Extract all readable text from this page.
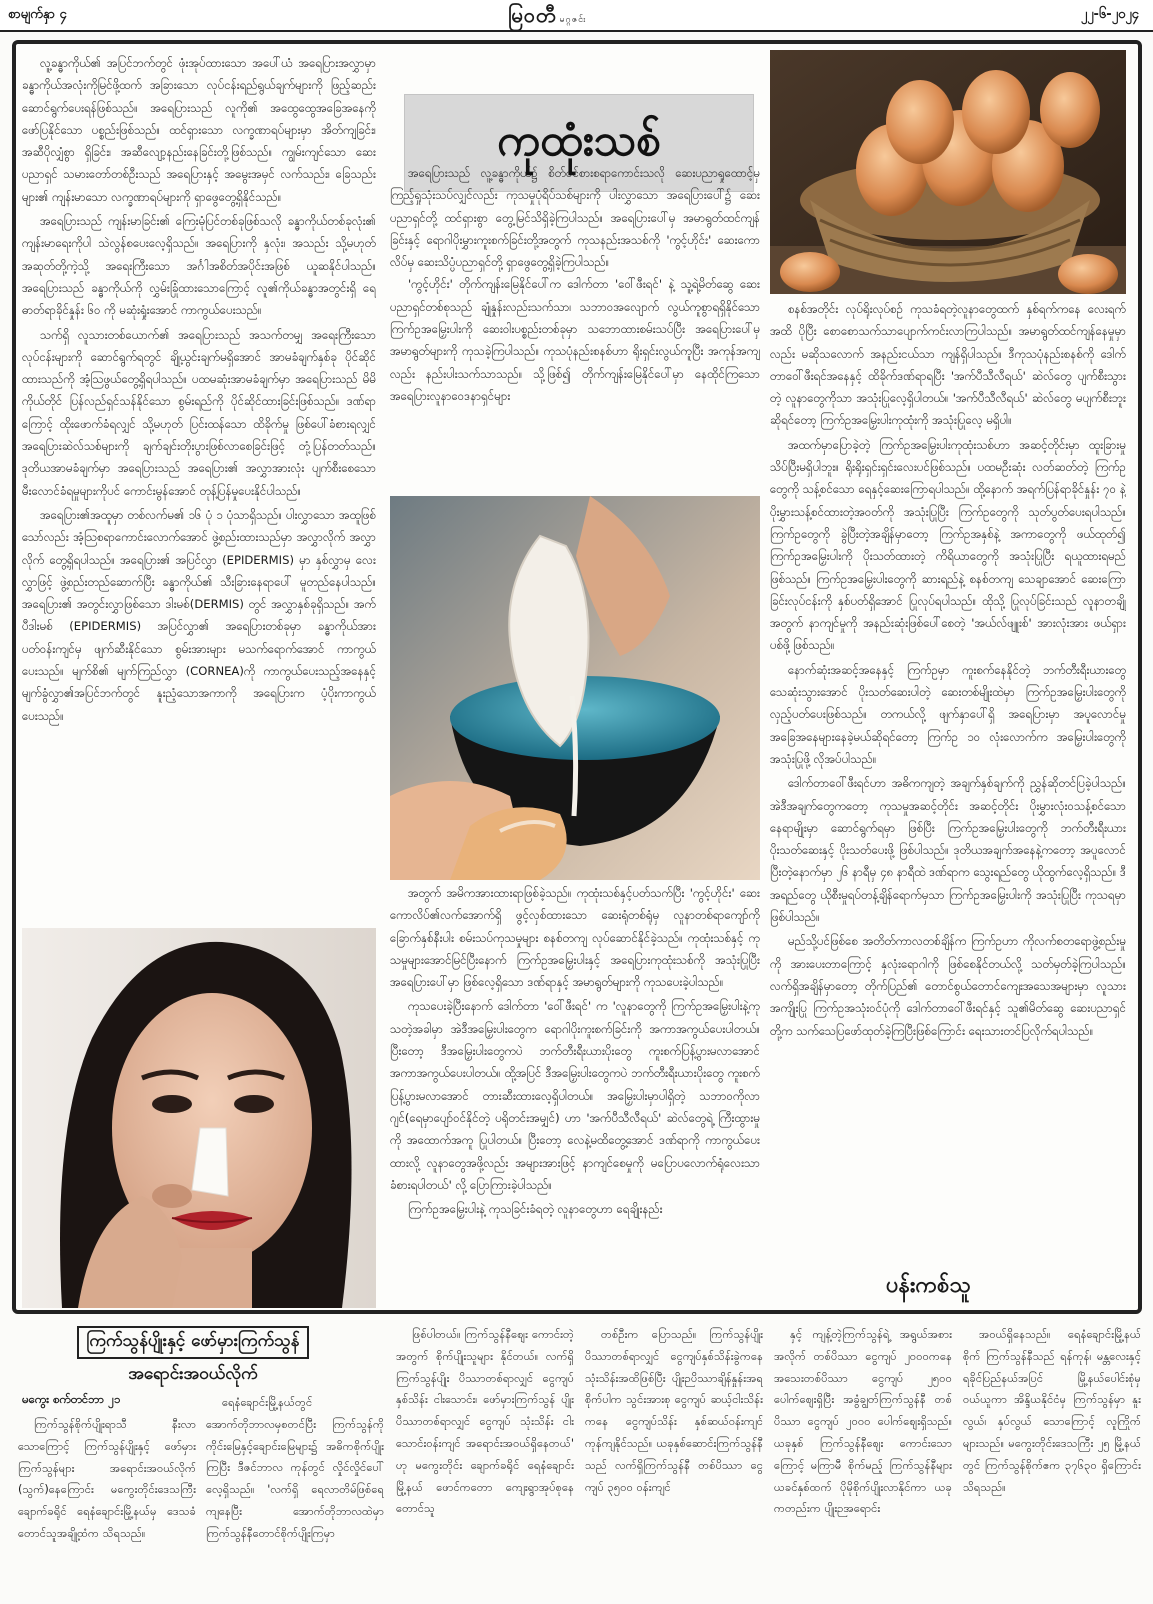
စာမျက်နှာ ၄	မြဝတီ မဂ္ဂဇင်း	၂၂-၆-၂၀၂၄

လူ့ခန္ဓာကိုယ်၏ အပြင်ဘက်တွင် ဖုံးအုပ်ထားသော အပေါ်ယံ အရေပြားအလွှာမှာ ခန္ဓာကိုယ်အလုံးကိုမြင်ဖို့ထက် အခြားသော လုပ်ငန်းရည်ရွယ်ချက်များကို ဖြည့်ဆည်းဆောင်ရွက်ပေးရန်ဖြစ်သည်။ အရေပြားသည် လူကို၏ အထွေထွေအခြေအနေကို ဖော်ပြနိုင်သော ပစ္စည်းဖြစ်သည်။ ထင်ရှားသော လက္ခဏာရပ်များမှာ အိတ်ကျခြင်း၊ အဆီပိုလျှံစွာ ရှိခြင်း၊ အဆီလျော့နည်းနေခြင်းတို့ဖြစ်သည်။ ကျွမ်းကျင်သော ဆေးပညာရှင် သမားတော်တစ်ဦးသည် အရေပြားနှင့် အမွေးအမှင် လက်သည်း၊ ခြေသည်းများ၏ ကျန်းမာသော လက္ခဏာရပ်များကို ရှာဖွေတွေ့ရှိနိုင်သည်။

အရေပြားသည် ကျန်းမာခြင်း၏ ကြေးမုံပြင်တစ်ခုဖြစ်သလို ခန္ဓာကိုယ်တစ်ခုလုံး၏ ကျန်းမာရေးကိုပါ သဲလွန်စပေးလေ့ရှိသည်။ အရေပြားကို နှလုံး၊ အသည်း သို့မဟုတ် အဆုတ်တို့ကဲ့သို့ အရေးကြီးသော အင်္ဂါအစိတ်အပိုင်းအဖြစ် ယူဆနိုင်ပါသည်။ အရေပြားသည် ခန္ဓာကိုယ်ကို လွှမ်းခြုံထားသောကြောင့် လူ၏ကိုယ်ခန္ဓာအတွင်းရှိ ရေဓာတ်ရာခိုင်နှုန်း ၆၀ ကို မဆုံးရှုံးအောင် ကာကွယ်ပေးသည်။

သက်ရှိ လူသားတစ်ယောက်၏ အရေပြားသည် အသက်တမျှ အရေးကြီးသောလုပ်ငန်းများကို ဆောင်ရွက်ရတွင် ချို့ယွင်းချက်မရှိအောင် အာမခံချက်နှစ်ခု ပိုင်ဆိုင်ထားသည်ကို အံ့သြဖွယ်တွေ့ရှိရပါသည်။ ပထမဆုံးအာမခံချက်မှာ အရေပြားသည် မိမိကိုယ်တိုင် ပြန်လည်ရှင်သန်နိုင်သော စွမ်းရည်ကို ပိုင်ဆိုင်ထားခြင်းဖြစ်သည်။ ဒဏ်ရာကြောင့် ထိုးဖောက်ခံရလျှင် သို့မဟုတ် ပြင်းထန်သော ထိခိုက်မှု ဖြစ်ပေါ်ခံစားရလျှင် အရေပြားဆဲလ်သစ်များကို ချက်ချင်းတိုးပွားဖြစ်လာစေခြင်းဖြင့် တုံ့ပြန်တတ်သည်။ ဒုတိယအာမခံချက်မှာ အရေပြားသည် အရေပြား၏ အလွှာအားလုံး ပျက်စီးစေသော မီးလောင်ခံရမှုများကိုပင် ကောင်းမွန်အောင် တုန့်ပြန်မှုပေးနိုင်ပါသည်။

အရေပြား၏အထူမှာ တစ်လက်မ၏ ၁၆ ပုံ ၁ ပုံသာရှိသည်။ ပါးလွှာသော အထူဖြစ်သော်လည်း အံ့သြစရာကောင်းလောက်အောင် ဖွဲ့စည်းထားသည်မှာ အလွှာလိုက် အလွှာလိုက် တွေ့ရှိရပါသည်။ အရေပြား၏ အပြင်လွှာ (EPIDERMIS) မှာ နှစ်လွှာမှ လေးလွှာဖြင့် ဖွဲ့စည်းတည်ဆောက်ပြီး ခန္ဓာကိုယ်၏ သီးခြားနေရာပေါ် မူတည်နေပါသည်။ အရေပြား၏ အတွင်းလွှာဖြစ်သော ဒါးမစ်(DERMIS) တွင် အလွှာနှစ်ခုရှိသည်။ အက်ပီဒါးမစ် (EPIDERMIS) အပြင်လွှာ၏ အရေပြားတစ်ခုမှာ ခန္ဓာကိုယ်အား ပတ်ဝန်းကျင်မှ ဖျက်ဆီးနိုင်သော စွမ်းအားများ မသက်ရောက်အောင် ကာကွယ်ပေးသည်။ မျက်စိ၏ မျက်ကြည်လွှာ (CORNEA)ကို ကာကွယ်ပေးသည့်အနေနှင့် မျက်ခွံလွှာ၏အပြင်ဘက်တွင် နူးညံ့သောအကာကို အရေပြားက ပံ့ပိုးကာကွယ်ပေးသည်။

ကုထုံးသစ်

အရေပြားသည် လူ့ခန္ဓာကိုယ်၌ စိတ်ဝင်စားစရာကောင်းသလို ဆေးပညာရှုထောင့်မှ ကြည့်ရှုသုံးသပ်လျှင်လည်း ကုသမှုပုံရိပ်သစ်များကို ပါးလွှာသော အရေပြားပေါ်၌ ဆေးပညာရှင်တို့ ထင်ရှားစွာ တွေ့မြင်သိရှိခဲ့ကြပါသည်။ အရေပြားပေါ်မှ အမာရွတ်ထင်ကျန်ခြင်းနှင့် ရောဂါပိုးမွှားကူးစက်ခြင်းတို့အတွက် ကုသနည်းအသစ်ကို 'ကွင့်ဟိုင်း' ဆေးကောလိပ်မှ ဆေးသိပ္ပံပညာရှင်တို့ ရှာဖွေတွေ့ရှိခဲ့ကြပါသည်။

'ကွင့်ဟိုင်း' တိုက်ကျန်းမြေနိုင်ပေါ်က ဒေါက်တာ 'ဝေါ်ဖီးရင်' နဲ့ သူ့ရဲ့မိတ်ဆွေ ဆေးပညာရှင်တစ်စုသည် ချုံနှုန်းလည်းသက်သာ၊ သဘာဝအလျောက် လွယ်ကူစွာရရှိနိုင်သော ကြက်ဥအမြှေးပါးကို ဆေးဝါးပစ္စည်းတစ်ခုမှာ သဘောထားစမ်းသပ်ပြီး အရေပြားပေါ်မှ အမာရွတ်များကို ကုသခဲ့ကြပါသည်။ ကုသပုံနည်းစနစ်ဟာ ရိုးရှင်းလွယ်ကူပြီး အကုန်အကျလည်း နည်းပါးသက်သာသည်။ သို့ဖြစ်၍ တိုက်ကျန်းမြေနိုင်ပေါ်မှာ နေထိုင်ကြသော အရေပြားလူနာဝေဒနာရှင်များ

အတွက် အမိကအားထားရာဖြစ်ခဲ့သည်။ ကုထုံးသစ်နှင့်ပတ်သက်ပြီး 'ကွင့်ဟိုင်း' ဆေးကောလိပ်၏လက်အောက်ရှိ ဖွင့်လှစ်ထားသော ဆေးရုံတစ်ရုံမှ လူနာတစ်ရာကျော်ကို ခြောက်နှစ်နီးပါး စမ်းသပ်ကုသမှုများ စနစ်တကျ လုပ်ဆောင်နိုင်ခဲ့သည်။ ကုထုံးသစ်နှင့် ကုသမှုများအောင်မြင်ပြီးနောက် ကြက်ဥအမြှေးပါးနှင့် အရေပြားကုထုံးသစ်ကို အသုံးပြုပြီး အရေပြားပေါ်မှာ ဖြစ်လေ့ရှိသော ဒဏ်ရာနှင့် အမာရွတ်များကို ကုသပေးခဲ့ပါသည်။

ကုသပေးခဲ့ပြီးနောက် ဒေါက်တာ 'ဝေါ်ဖီးရင်' က 'လူနာတွေကို ကြက်ဥအမြှေးပါးနဲ့ကုသတဲ့အခါမှာ အဲဒီအမြှေးပါးတွေက ရောဂါပိုးကူးစက်ခြင်းကို အကာအကွယ်ပေးပါတယ်။ ပြီးတော့ ဒီအမြှေးပါးတွေကပဲ ဘက်တီးရီးယားပိုးတွေ ကူးစက်ပြန့်ပွားမလာအောင် အကာအကွယ်ပေးပါတယ်။ ထို့အပြင် ဒီအမြှေးပါးတွေကပဲ ဘက်တီးရီးယားပိုးတွေ ကူးစက်ပြန့်ပွားမလာအောင် တားဆီးထားလေ့ရှိပါတယ်။ အမြှေးပါးမှာပါရှိတဲ့ သဘာဝကိုလာဂျင်(ရေမှာပျော်ဝင်နိုင်တဲ့ ပရိုတင်းအမျှင်) ဟာ 'အက်ပီသီလီရယ်' ဆဲလ်တွေရဲ့ ကြီးထွားမှုကို အထောက်အကူ ပြုပါတယ်။ ပြီးတော့ လေနဲ့မထိတွေ့အောင် ဒဏ်ရာကို ကာကွယ်ပေးထားလို့ လူနာတွေအဖို့လည်း အများအားဖြင့် နာကျင်စေမှုကို မပြောပလောက်ရုံလေးသာ ခံစားရပါတယ်' လို့ ပြောကြားခဲ့ပါသည်။

ကြက်ဥအမြှေးပါးနဲ့ ကုသခြင်းခံရတဲ့ လူနာတွေဟာ ရေချိုးနည်း

စနစ်အတိုင်း လုပ်ရိုးလုပ်စဉ် ကုသခံရတဲ့လူနာတွေထက် နှစ်ရက်ကနေ လေးရက်အထိ ပိုပြီး စောစောသက်သာပျောက်ကင်းလာကြပါသည်။ အမာရွတ်ထင်ကျန်နေမှုမှာလည်း မဆိုသလောက် အနည်းငယ်သာ ကျန်ရှိပါသည်။ ဒီကုသပုံနည်းစနစ်ကို ဒေါက်တာဝေါ်ဖီးရင်အနေနှင့် ထိခိုက်ဒဏ်ရာရပြီး 'အက်ပီသီလီရယ်' ဆဲလ်တွေ ပျက်စီးသွားတဲ့ လူနာတွေကိုသာ အသုံးပြုလေ့ရှိပါတယ်။ 'အက်ပီသီလီရယ်' ဆဲလ်တွေ မပျက်စီးဘူးဆိုရင်တော့ ကြက်ဥအမြှေးပါးကုထုံးကို အသုံးပြုလေ့ မရှိပါ။

အထက်မှာပြောခဲ့တဲ့ ကြက်ဥအမြှေးပါးကုထုံးသစ်ဟာ အဆင့်တိုင်းမှာ ထူးခြားမှု သိပ်ပြီးမရှိပါဘူး။ ရိုးရိုးရှင်းရှင်းလေးပင်ဖြစ်သည်။ ပထမဦးဆုံး လတ်ဆတ်တဲ့ ကြက်ဥတွေကို သန့်စင်သော ရေနှင့်ဆေးကြောရပါသည်။ ထို့နောက် အရက်ပြန်ရာခိုင်နှုန်း ၇၀ နဲ့ ပိုးမွှားသန့်စင်ထားတဲ့အဝတ်ကို အသုံးပြုပြီး ကြက်ဥတွေကို သုတ်ပွတ်ပေးရပါသည်။ ကြက်ဥတွေကို ခွဲပြီးတဲ့အချိန်မှာတော့ ကြက်ဥအနှစ်နဲ့ အကာတွေကို ဖယ်ထုတ်၍ ကြက်ဥအမြှေးပါးကို ပိုးသတ်ထားတဲ့ ကိရိယာတွေကို အသုံးပြုပြီး ရယူထားရမည်ဖြစ်သည်။ ကြက်ဥအမြှေးပါးတွေကို ဆားရည်နဲ့ စနစ်တကျ သေချာအောင် ဆေးကြောခြင်းလုပ်ငန်းကို နှစ်ပတ်ရှိအောင် ပြုလုပ်ရပါသည်။ ထိုသို့ ပြုလုပ်ခြင်းသည် လူနာတချို့အတွက် နာကျင်မှုကို အနည်းဆုံးဖြစ်ပေါ်စေတဲ့ 'အယ်လ်ဖျူးစ်' အားလုံးအား ဖယ်ရှားပစ်ဖို့ ဖြစ်သည်။

နောက်ဆုံးအဆင့်အနေနှင့် ကြက်ဥမှာ ကူးစက်နေနိုင်တဲ့ ဘက်တီးရီးယားတွေ သေဆုံးသွားအောင် ပိုးသတ်ဆေးပါတဲ့ ဆေးတစ်မျိုးထဲမှာ ကြက်ဥအမြှေးပါးတွေကို လှည့်ပတ်ပေးဖြစ်သည်။ တကယ်လို့ ဖျက်နှာပေါ်ရှိ အရေပြားမှာ အပူလောင်မှုအခြေအနေများနေခဲ့မယ်ဆိုရင်တော့ ကြက်ဥ ၁၀ လုံးလောက်က အမြှေးပါးတွေကို အသုံးပြုဖို့ လိုအပ်ပါသည်။

ဒေါက်တာဝေါ်ဖီးရင်ဟာ အဓိကကျတဲ့ အချက်နှစ်ချက်ကို ညွှန်ဆိုတင်ပြခဲ့ပါသည်။ အဲဒီအချက်တွေကတော့ ကုသမှုအဆင့်တိုင်း အဆင့်တိုင်း ပိုးမွှားလုံးဝသန့်စင်သောနေရာမျိုးမှာ ဆောင်ရွက်ရမှာ ဖြစ်ပြီး ကြက်ဥအမြှေးပါးတွေကို ဘက်တီးရီးယားပိုးသတ်ဆေးနှင့် ပိုးသတ်ပေးဖို့ ဖြစ်ပါသည်။ ဒုတိယအချက်အနေနဲ့ကတော့ အပူလောင်ပြီးတဲ့နောက်မှာ ၂၆ နာရီမှ ၄၈ နာရီထဲ ဒဏ်ရာက သွေးရည်တွေ ယိုထွက်လေ့ရှိသည်။ ဒီအရည်တွေ ယိုစီးမှုရပ်တန့်ချိန်ရောက်မှသာ ကြက်ဥအမြှေးပါးကို အသုံးပြုပြီး ကုသရမှာဖြစ်ပါသည်။

မည်သို့ပင်ဖြစ်စေ အတိတ်ကာလတစ်ချိန်က ကြက်ဥဟာ ကိုလက်စတရောဖွဲ့စည်းမှုကို အားပေးတာကြောင့် နှလုံးရောဂါကို ဖြစ်စေနိုင်တယ်လို့ သတ်မှတ်ခဲ့ကြပါသည်။ လက်ရှိအချိန်မှာတော့ တိုက်ပြည်၏ တောင်စွယ်တောင်ကျေးအသေအများမှာ လူသားအကျိုးပြု ကြက်ဥအသုံးဝင်ပုံကို ဒေါက်တာဝေါ်ဖီးရင်နှင့် သူ၏မိတ်ဆွေ ဆေးပညာရှင်တို့က သက်သေပြဖော်ထုတ်ခဲ့ကြပြီးဖြစ်ကြောင်း ရေးသားတင်ပြလိုက်ရပါသည်။

ပန်းကစ်သူ
ကြက်သွန်ပျိုးနှင့် ဖော်မှားကြက်သွန်
အရောင်းအဝယ်လိုက်
မကွေး စက်တင်ဘာ ၂၁

ကြက်သွန်စိုက်ပျိုးရာသီ နီးလာသောကြောင့် ကြက်သွန်ပျိုးနှင့် ဖော်မှားကြက်သွန်များ အရောင်းအဝယ်လိုက် (သွက်)နေကြောင်း မကွေးတိုင်းဒေသကြီး ချောက်ခရိုင် ရေနံချောင်းမြို့နယ်မှ ဒေသခံ တောင်သူအချို့ထံက သိရသည်။

ရေနံချောင်းမြို့နယ်တွင် အောက်တိုဘာလမှစတင်ပြီး ကြက်သွန်ကို ကိုင်းမြေနှင့်ချောင်းမြေများ၌ အဓိကစိုက်ပျိုးကြပြီး ဒီဇင်ဘာလ ကုန်တွင် လှိုင်လှိုင်ပေါ်လေ့ရှိသည်။ 'လက်ရှိ ရေလာတိမ်ဖြစ်ရေ ကျနေပြီး အောက်တိုဘာလထဲမှာ ကြက်သွန်နီတောင်စိုက်ပျိုးကြမှာ

ဖြစ်ပါတယ်။ ကြက်သွန်နီဈေး ကောင်းတဲ့အတွက် စိုက်ပျိုးသူများ နိုင်တယ်။ လက်ရှိ ကြက်သွန်ပျိုး ပိဿာတစ်ရာလျှင် ငွေကျပ်နှစ်သိန်း ငါးသောင်း၊ ဖော်မှားကြက်သွန် ပျိုး ပိဿာတစ်ရာလျှင် ငွေကျပ် သုံးသိန်း ငါးသောင်းဝန်းကျင် အရောင်းအဝယ်ရှိနေတယ်' ဟု မကွေးတိုင်း ချောက်ခရိုင် ရေနံချောင်းမြို့နယ် ဖောင်ကတော ကျေးရွာအုပ်စုနေ တောင်သူ

တစ်ဦးက ပြောသည်။ ကြက်သွန်ပျိုး ပိဿာတစ်ရာလျှင် ငွေကျပ်နှစ်သိန်းခွဲကနေ သုံးသိန်းအထိဖြစ်ပြီး ပျိုးဉပိဿာချိန်နှုန်းအရ စိုက်ပါက သွင်းအားစု ငွေကျပ် ဆယ့်ငါးသိန်းကနေ ငွေကျပ်သိန်း နှစ်ဆယ်ဝန်းကျင် ကုန်ကျနိုင်သည်။ ယခုနှစ်ဆောင်းကြက်သွန်နီသည် လက်ရှိကြက်သွန်နီ တစ်ပိဿာ ငွေကျပ် ၃၅၀၀ ဝန်းကျင်

နှင့် ကျန့်တဲ့ကြက်သွန်ရဲ့ အရွယ်အစားအလိုက် တစ်ပိဿာ ငွေကျပ် ၂၀၀၀ကနေ အသေးတစ်ပိဿာ ငွေကျပ် ၂၅၀၀ ပေါက်ဈေးရှိပြီး အခွံချွတ်ကြက်သွန်နီ တစ်ပိဿာ ငွေကျပ် ၂၀၀၀ ပေါက်ဈေးရှိသည်။ ယခုနှစ် ကြက်သွန်နီဈေး ကောင်းသောကြောင့် မကြာမီ စိုက်မည့် ကြက်သွန်နီများ ယခင်နှစ်ထက် ပိုမိုစိုက်ပျိုးလာနိုင်ကာ ယခုကတည်းက ပျိုးဉအရောင်း

အဝယ်ရှိနေသည်။ ရေနံချောင်းမြို့နယ်စိုက် ကြက်သွန်နီသည် ရန်ကုန်၊ မန္တလေးနှင့် ရခိုင်ပြည်နယ်အပြင် မြို့နယ်ပေါင်းစုံမှ ဝယ်ယူကာ အိန္ဒိယနိုင်ငံမှ ကြက်သွန်မှာ နူးလွယ်၊ နှပ်လွယ် သောကြောင့် လူကြိုက်များသည်။ မကွေးတိုင်းဒေသကြီး ၂၅ မြို့နယ်တွင် ကြက်သွန်စိုက်ဧက ၃၇၆၃၀ ရှိကြောင်း သိရသည်။
